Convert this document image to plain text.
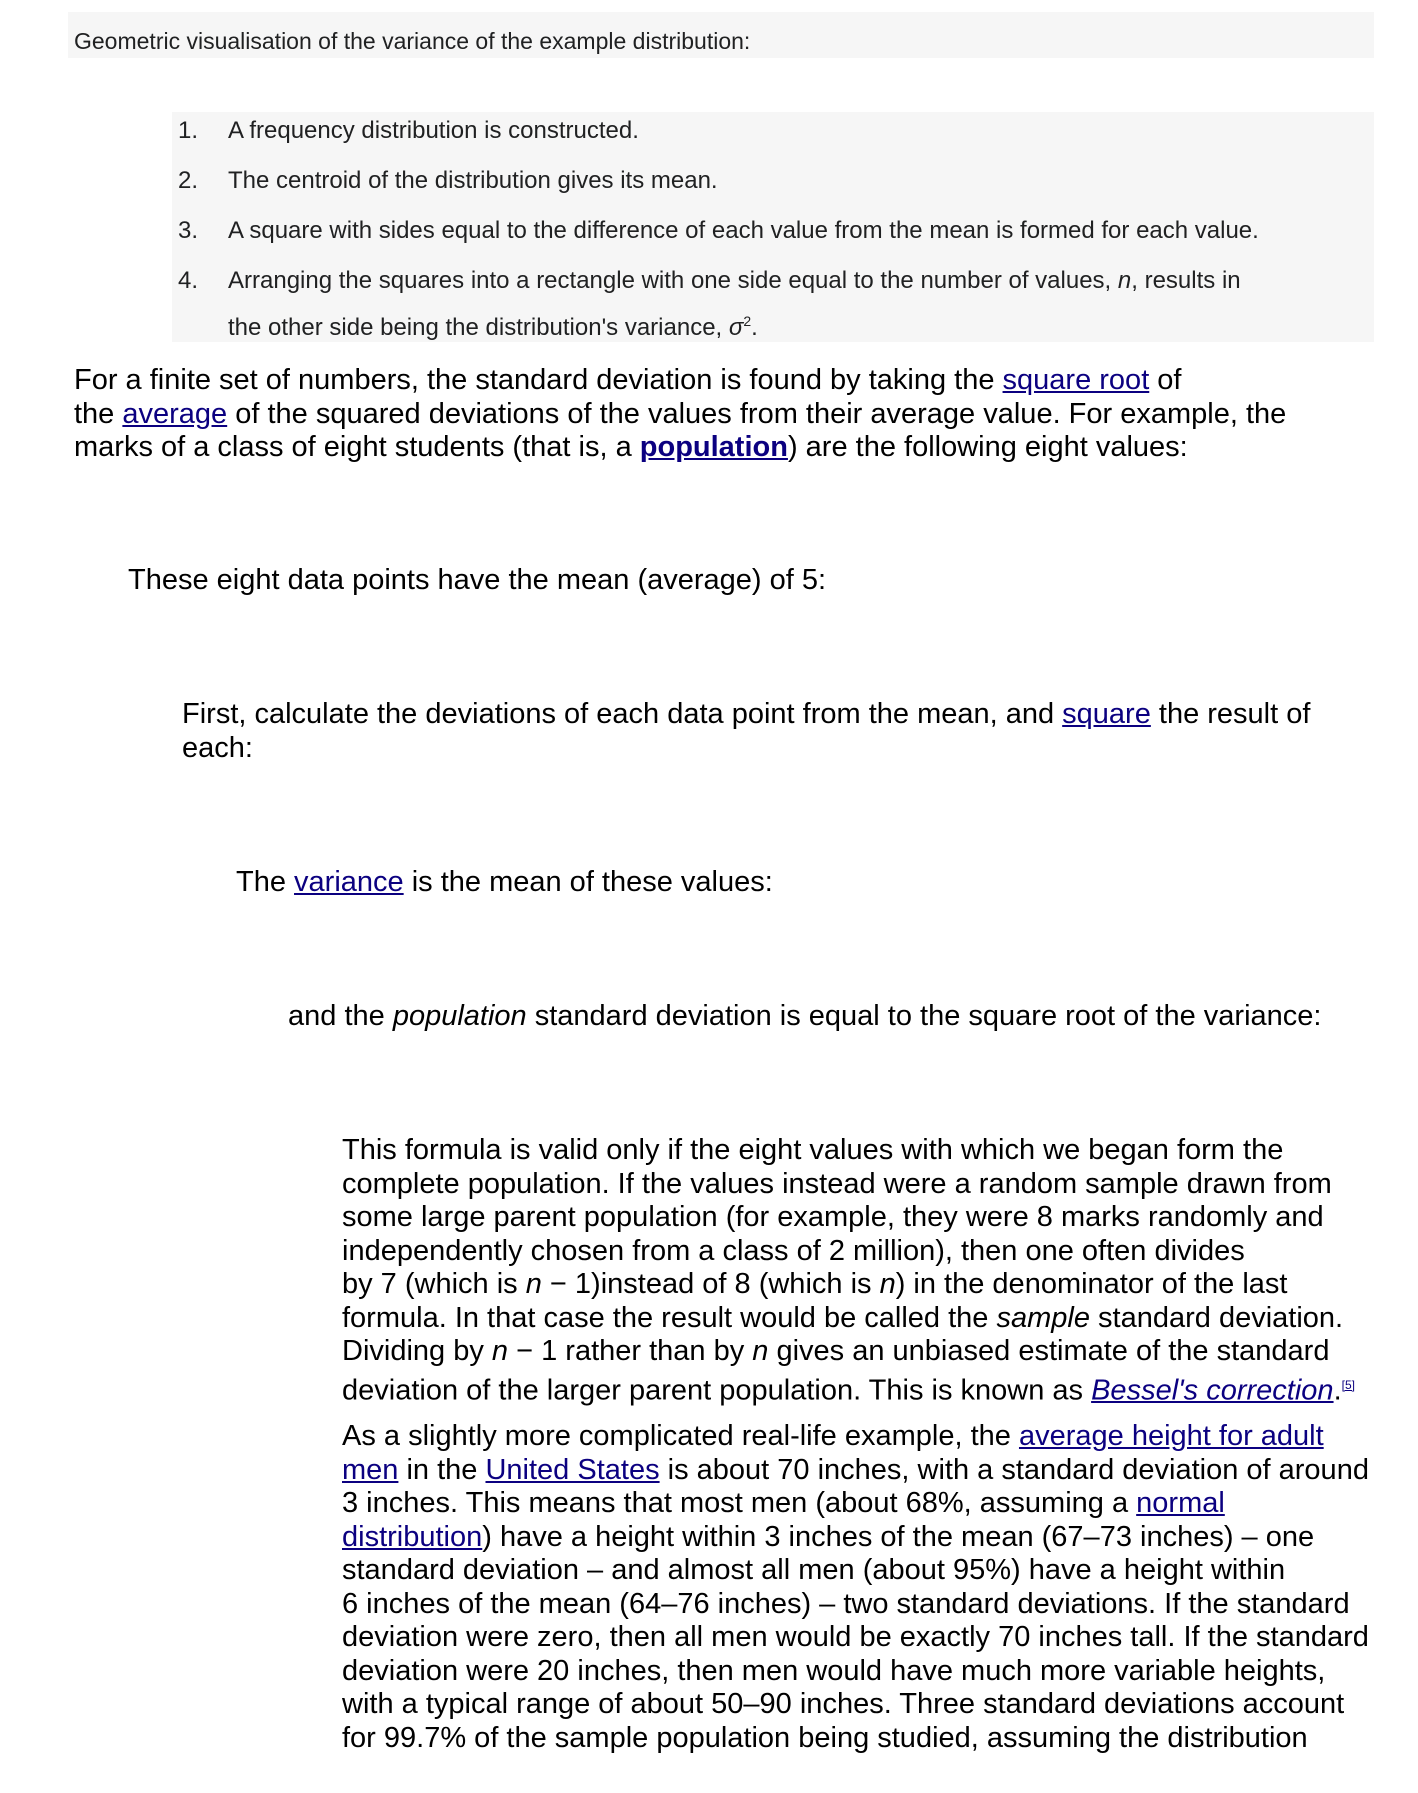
Geometric visualisation of the variance of the example distribution:
1. A frequency distribution is constructed.
2. The centroid of the distribution gives its mean.
3. A square with sides equal to the difference of each value from the mean is formed for each value.
4. Arranging the squares into a rectangle with one side equal to the number of values, n, results in
the other side being the distribution's variance, $\sigma^2$.

For a finite set of numbers, the standard deviation is found by taking the square root of

the average of the squared deviations of the values from their average value. For example, the

marks of a class of eight students (that is, a population) are the following eight values:

These eight data points have the mean (average) of 5:

First, calculate the deviations of each data point from the mean, and square the result of

each:

The variance is the mean of these values:
and the population standard deviation is equal to the square root of the variance:

This formula is valid only if the eight values with which we began form the

complete population. If the values instead were a random sample drawn from

some large parent population (for example, they were 8 marks randomly and

independently chosen from a class of 2 million), then one often divides

by 7 (which is n − 1)instead of 8 (which is n) in the denominator of the last

formula. In that case the result would be called the sample standard deviation.

Dividing by n − 1 rather than by n gives an unbiased estimate of the standard

deviation of the larger parent population. This is known as Bessel's correction.[5]

As a slightly more complicated real-life example, the average height for adult

men in the United States is about 70 inches, with a standard deviation of around

3 inches. This means that most men (about 68%, assuming a normal

distribution) have a height within 3 inches of the mean (67–73 inches) – one

standard deviation – and almost all men (about 95%) have a height within

6 inches of the mean (64–76 inches) – two standard deviations. If the standard

deviation were zero, then all men would be exactly 70 inches tall. If the standard

deviation were 20 inches, then men would have much more variable heights,

with a typical range of about 50–90 inches. Three standard deviations account

for 99.7% of the sample population being studied, assuming the distribution
